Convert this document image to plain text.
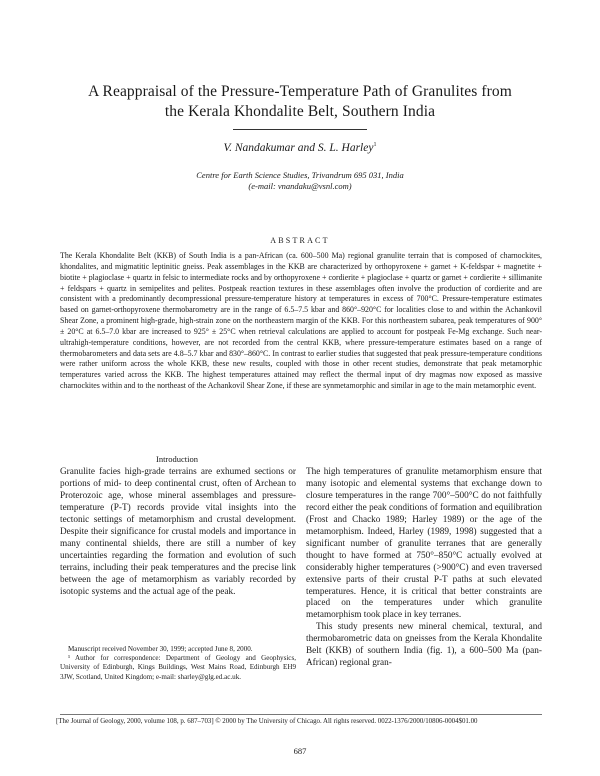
A Reappraisal of the Pressure-Temperature Path of Granulites from
the Kerala Khondalite Belt, Southern India
V. Nandakumar and S. L. Harley$^1$
Centre for Earth Science Studies, Trivandrum 695 031, India
(e-mail: vnandaku@vsnl.com)
ABSTRACT
The Kerala Khondalite Belt (KKB) of South India is a pan-African (ca. 600–500 Ma) regional granulite terrain that is composed of charnockites, khondalites, and migmatitic leptinitic gneiss. Peak assemblages in the KKB are characterized by orthopyroxene + garnet + K-feldspar + magnetite + biotite + plagioclase + quartz in felsic to intermediate rocks and by orthopyroxene + cordierite + plagioclase + quartz or garnet + cordierite + sillimanite + feldspars + quartz in semipelites and pelites. Postpeak reaction textures in these assemblages often involve the production of cordierite and are consistent with a predominantly decompressional pressure-temperature history at temperatures in excess of 700°C. Pressure-temperature estimates based on garnet-orthopyroxene thermobarometry are in the range of 6.5–7.5 kbar and 860°–920°C for localities close to and within the Achankovil Shear Zone, a prominent high-grade, high-strain zone on the northeastern margin of the KKB. For this northeastern subarea, peak temperatures of 900° ± 20°C at 6.5–7.0 kbar are increased to 925° ± 25°C when retrieval calculations are applied to account for postpeak Fe-Mg exchange. Such near-ultrahigh-temperature conditions, however, are not recorded from the central KKB, where pressure-temperature estimates based on a range of thermobarometers and data sets are 4.8–5.7 kbar and 830°–860°C. In contrast to earlier studies that suggested that peak pressure-temperature conditions were rather uniform across the whole KKB, these new results, coupled with those in other recent studies, demonstrate that peak metamorphic temperatures varied across the KKB. The highest temperatures attained may reflect the thermal input of dry magmas now exposed as massive charnockites within and to the northeast of the Achankovil Shear Zone, if these are synmetamorphic and similar in age to the main metamorphic event.
Introduction

Granulite facies high-grade terrains are exhumed sections or portions of mid- to deep continental crust, often of Archean to Proterozoic age, whose mineral assemblages and pressure-temperature (P-T) records provide vital insights into the tectonic settings of metamorphism and crustal development. Despite their significance for crustal models and importance in many continental shields, there are still a number of key uncertainties regarding the formation and evolution of such terrains, including their peak temperatures and the precise link between the age of metamorphism as variably recorded by isotopic systems and the actual age of the peak.

The high temperatures of granulite metamorphism ensure that many isotopic and elemental systems that exchange down to closure temperatures in the range 700°–500°C do not faithfully record either the peak conditions of formation and equilibration (Frost and Chacko 1989; Harley 1989) or the age of the metamorphism. Indeed, Harley (1989, 1998) suggested that a significant number of granulite terranes that are generally thought to have formed at 750°–850°C actually evolved at considerably higher temperatures (>900°C) and even traversed extensive parts of their crustal P-T paths at such elevated temperatures. Hence, it is critical that better constraints are placed on the temperatures under which granulite metamorphism took place in key terranes.

This study presents new mineral chemical, textural, and thermobarometric data on gneisses from the Kerala Khondalite Belt (KKB) of southern India (fig. 1), a 600–500 Ma (pan-African) regional gran-

Manuscript received November 30, 1999; accepted June 8, 2000.

¹ Author for correspondence: Department of Geology and Geophysics, University of Edinburgh, Kings Buildings, West Mains Road, Edinburgh EH9 3JW, Scotland, United Kingdom; e-mail: sharley@glg.ed.ac.uk.

[The Journal of Geology, 2000, volume 108, p. 687–703] © 2000 by The University of Chicago. All rights reserved. 0022-1376/2000/10806-0004$01.00
687
